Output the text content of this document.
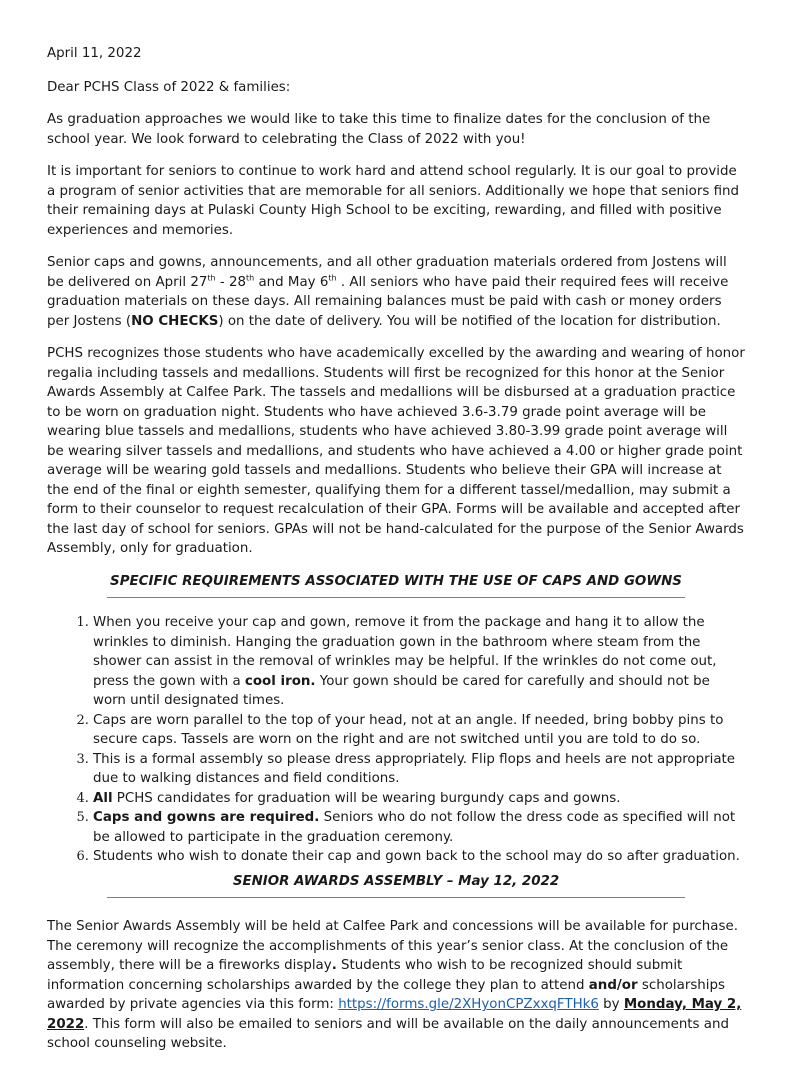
April 11, 2022

Dear PCHS Class of 2022 & families:

As graduation approaches we would like to take this time to finalize dates for the conclusion of the school year. We look forward to celebrating the Class of 2022 with you!

It is important for seniors to continue to work hard and attend school regularly. It is our goal to provide a program of senior activities that are memorable for all seniors. Additionally we hope that seniors find their remaining days at Pulaski County High School to be exciting, rewarding, and filled with positive experiences and memories.

Senior caps and gowns, announcements, and all other graduation materials ordered from Jostens will be delivered on April 27th - 28th and May 6th . All seniors who have paid their required fees will receive graduation materials on these days. All remaining balances must be paid with cash or money orders per Jostens (NO CHECKS) on the date of delivery. You will be notified of the location for distribution.

PCHS recognizes those students who have academically excelled by the awarding and wearing of honor regalia including tassels and medallions. Students will first be recognized for this honor at the Senior Awards Assembly at Calfee Park. The tassels and medallions will be disbursed at a graduation practice to be worn on graduation night. Students who have achieved 3.6-3.79 grade point average will be wearing blue tassels and medallions, students who have achieved 3.80-3.99 grade point average will be wearing silver tassels and medallions, and students who have achieved a 4.00 or higher grade point average will be wearing gold tassels and medallions. Students who believe their GPA will increase at the end of the final or eighth semester, qualifying them for a different tassel/medallion, may submit a form to their counselor to request recalculation of their GPA. Forms will be available and accepted after the last day of school for seniors. GPAs will not be hand-calculated for the purpose of the Senior Awards Assembly, only for graduation.

SPECIFIC REQUIREMENTS ASSOCIATED WITH THE USE OF CAPS AND GOWNS
1. When you receive your cap and gown, remove it from the package and hang it to allow the wrinkles to diminish. Hanging the graduation gown in the bathroom where steam from the shower can assist in the removal of wrinkles may be helpful. If the wrinkles do not come out, press the gown with a cool iron. Your gown should be cared for carefully and should not be worn until designated times.
2. Caps are worn parallel to the top of your head, not at an angle. If needed, bring bobby pins to secure caps. Tassels are worn on the right and are not switched until you are told to do so.
3. This is a formal assembly so please dress appropriately. Flip flops and heels are not appropriate due to walking distances and field conditions.
4. All PCHS candidates for graduation will be wearing burgundy caps and gowns.
5. Caps and gowns are required. Seniors who do not follow the dress code as specified will not be allowed to participate in the graduation ceremony.
6. Students who wish to donate their cap and gown back to the school may do so after graduation.
SENIOR AWARDS ASSEMBLY – May 12, 2022

The Senior Awards Assembly will be held at Calfee Park and concessions will be available for purchase. The ceremony will recognize the accomplishments of this year’s senior class. At the conclusion of the assembly, there will be a fireworks display. Students who wish to be recognized should submit information concerning scholarships awarded by the college they plan to attend and/or scholarships awarded by private agencies via this form: https://forms.gle/2XHyonCPZxxqFTHk6 by Monday, May 2, 2022. This form will also be emailed to seniors and will be available on the daily announcements and school counseling website.
